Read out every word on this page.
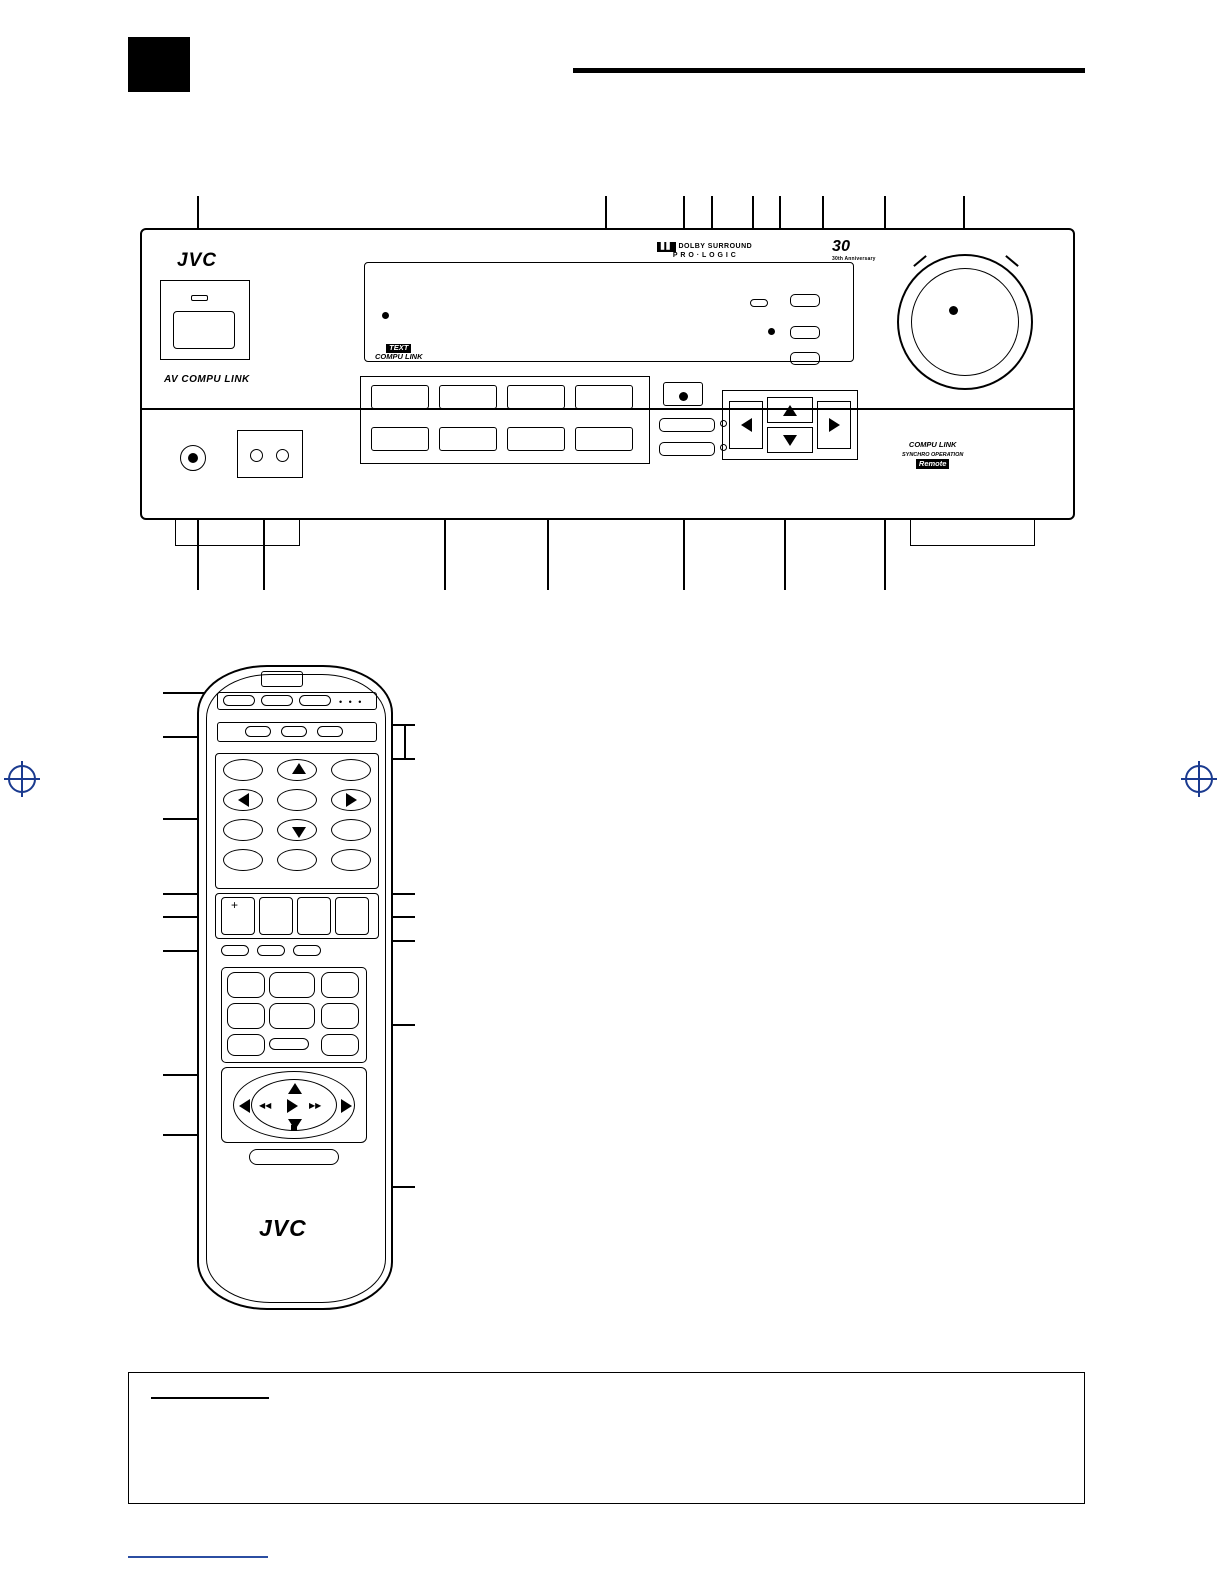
JVC
AV COMPU LINK
TEXT
COMPU LINK
▋▋ DOLBY SURROUND
P R O · L O G I C
30
30th Anniversary
COMPU LINK
SYNCHRO OPERATION
Remote
• • •
+
◀◀	▶▶
JVC
